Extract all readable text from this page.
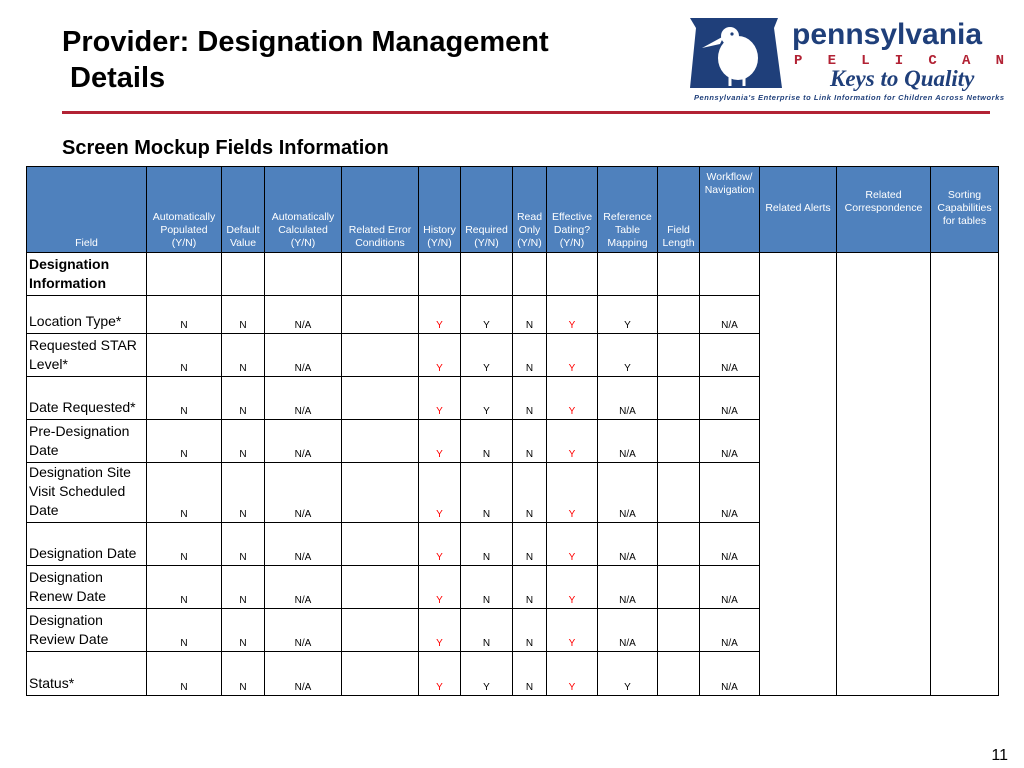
Provider: Designation Management
Details
pennsylvania
P E L I C A N
Keys to Quality
Pennsylvania's Enterprise to Link Information for Children Across Networks
Screen Mockup Fields Information
Field	Automatically Populated (Y/N)	Default Value	Automatically Calculated (Y/N)	Related Error Conditions	History (Y/N)	Required (Y/N)	Read Only (Y/N)	Effective Dating? (Y/N)	Reference Table Mapping	Field Length	Workflow/ Navigation	Related Alerts	Related Correspondence	Sorting Capabilities for tables
Designation Information														
Location Type*	N	N	N/A		Y	Y	N	Y	Y		N/A			
Requested STAR Level*	N	N	N/A		Y	Y	N	Y	Y		N/A			
Date Requested*	N	N	N/A		Y	Y	N	Y	N/A		N/A			
Pre-Designation Date	N	N	N/A		Y	N	N	Y	N/A		N/A			
Designation Site Visit Scheduled Date	N	N	N/A		Y	N	N	Y	N/A		N/A			
Designation Date	N	N	N/A		Y	N	N	Y	N/A		N/A			
Designation Renew Date	N	N	N/A		Y	N	N	Y	N/A		N/A			
Designation Review Date	N	N	N/A		Y	N	N	Y	N/A		N/A			
Status*	N	N	N/A		Y	Y	N	Y	Y		N/A			
11
